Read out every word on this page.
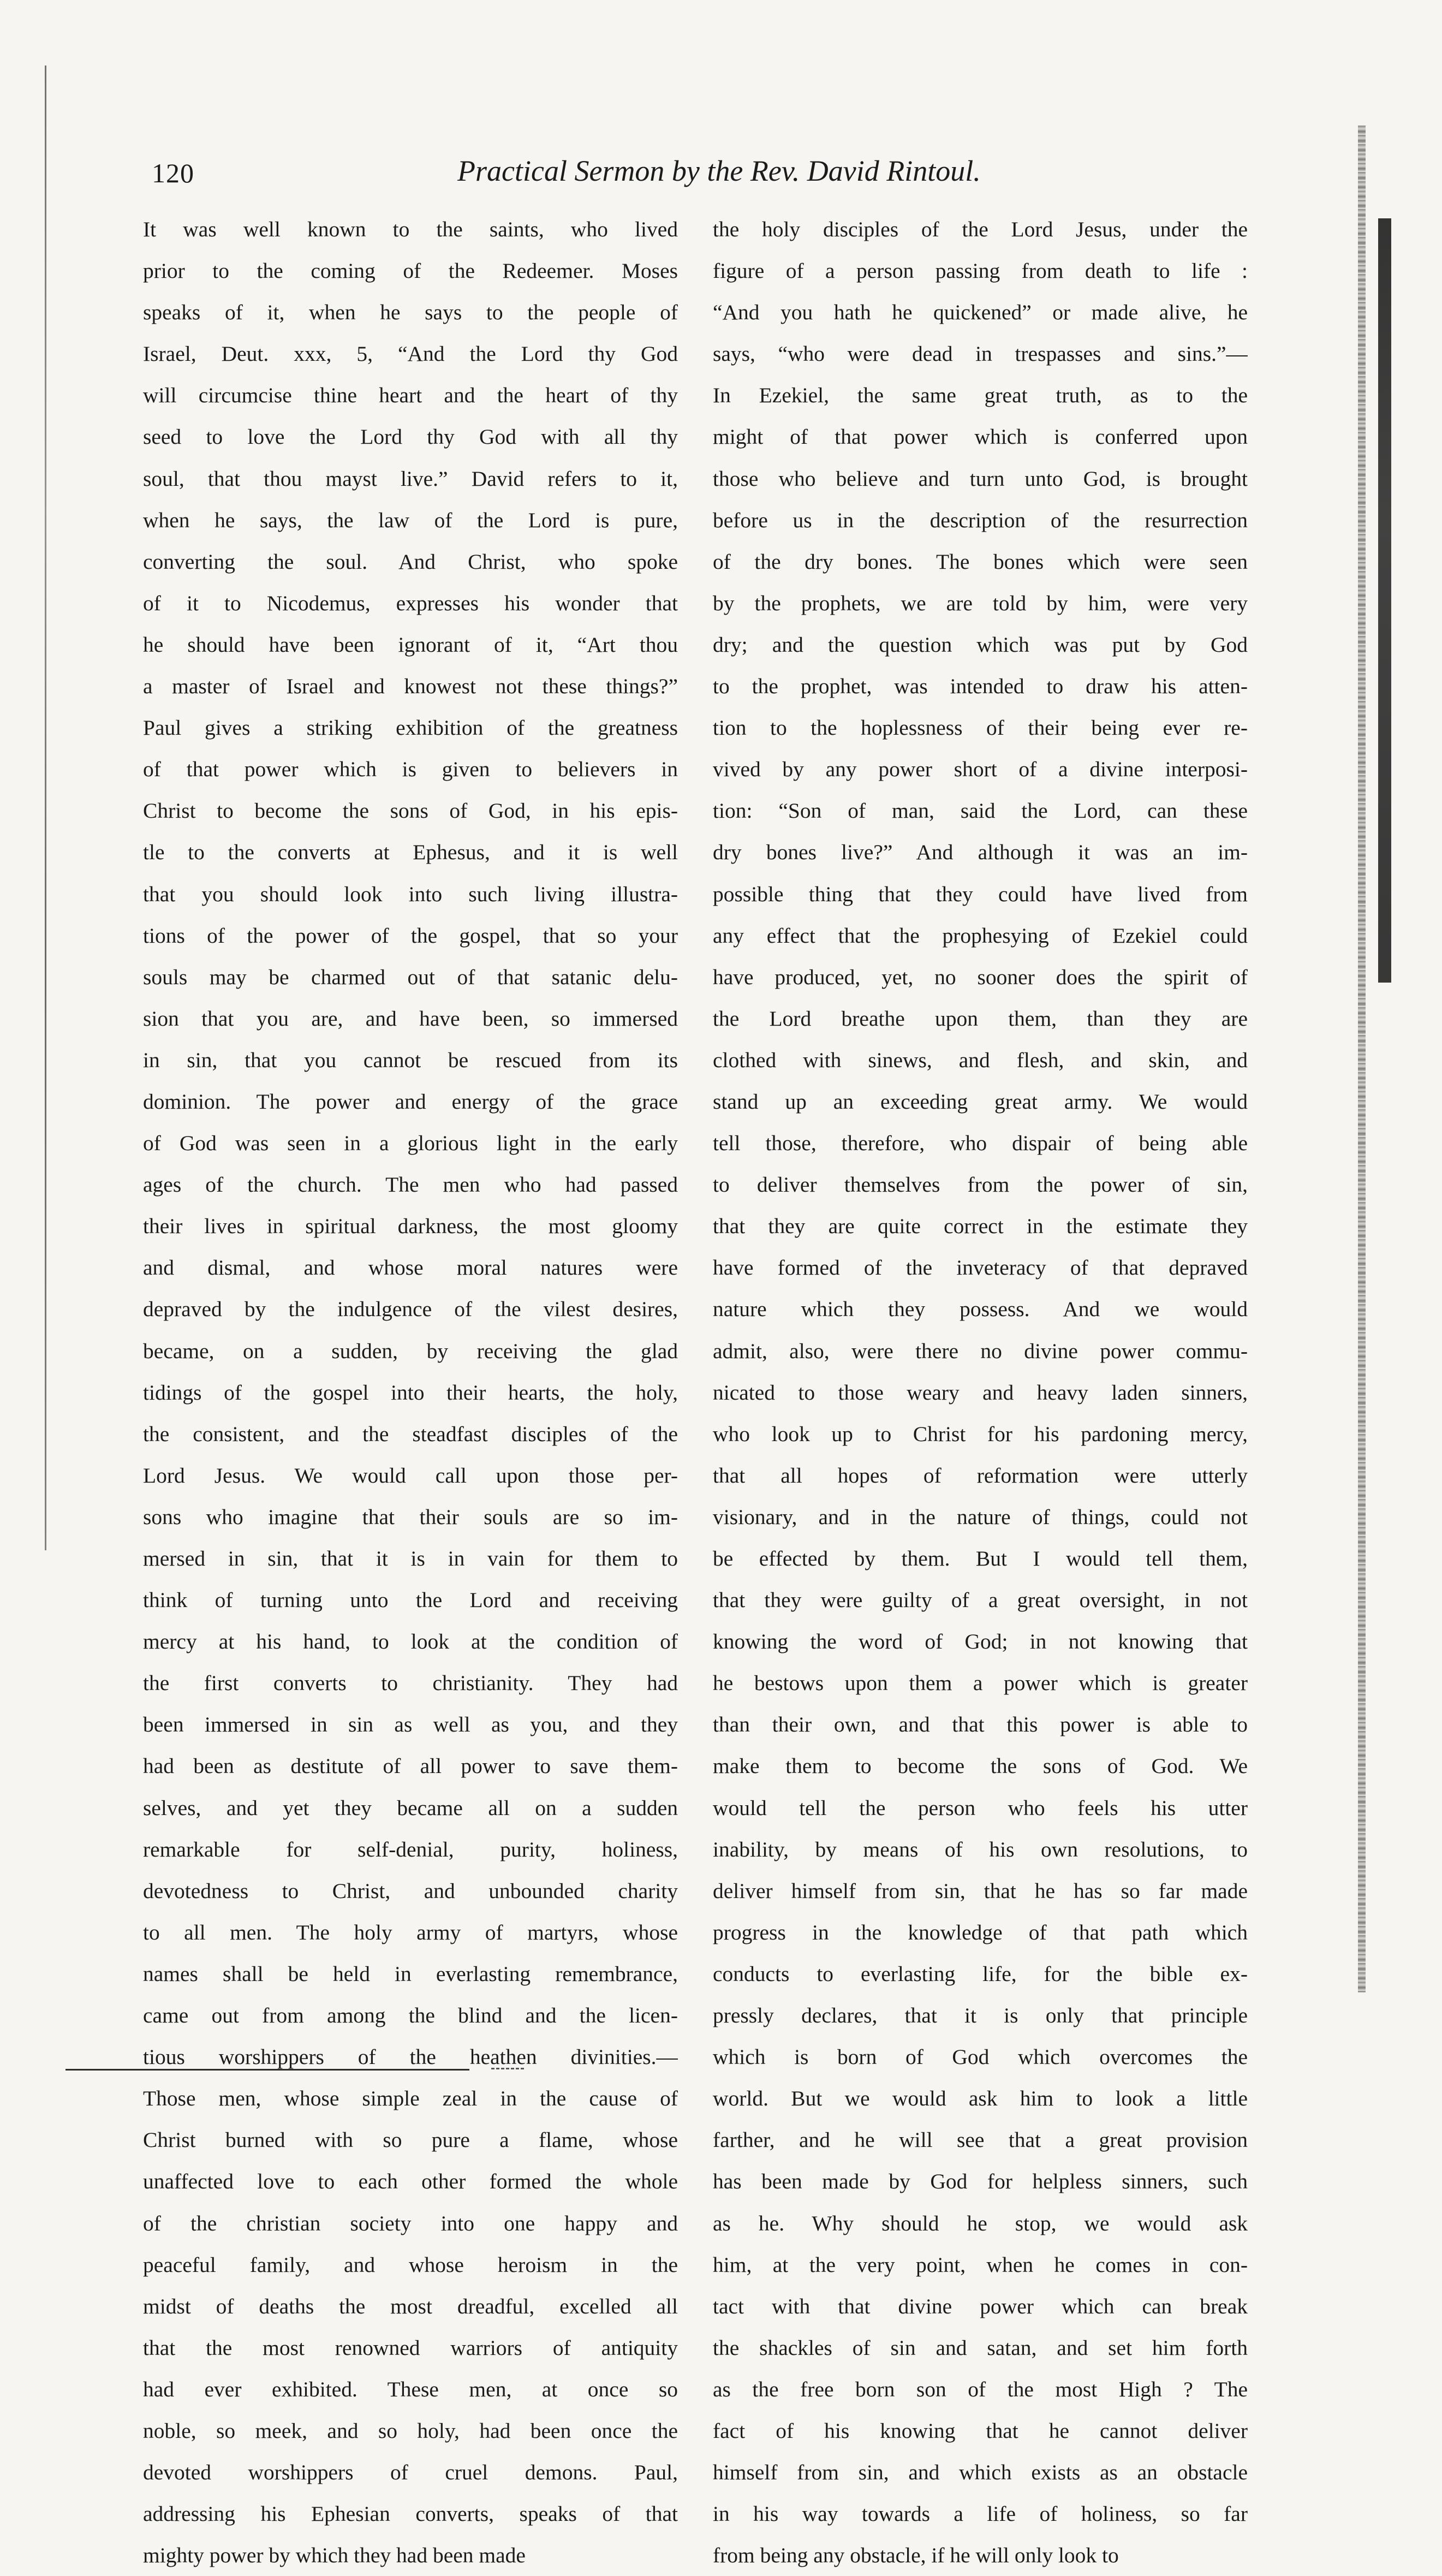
120	Practical Sermon by the Rev. David Rintoul.
It was well known to the saints, who lived
prior to the coming of the Redeemer. Moses
speaks of it, when he says to the people of
Israel, Deut. xxx, 5, “And the Lord thy God
will circumcise thine heart and the heart of thy
seed to love the Lord thy God with all thy
soul, that thou mayst live.” David refers to it,
when he says, the law of the Lord is pure,
converting the soul. And Christ, who spoke
of it to Nicodemus, expresses his wonder that
he should have been ignorant of it, “Art thou
a master of Israel and knowest not these things?”
Paul gives a striking exhibition of the greatness
of that power which is given to believers in
Christ to become the sons of God, in his epis-
tle to the converts at Ephesus, and it is well
that you should look into such living illustra-
tions of the power of the gospel, that so your
souls may be charmed out of that satanic delu-
sion that you are, and have been, so immersed
in sin, that you cannot be rescued from its
dominion. The power and energy of the grace
of God was seen in a glorious light in the early
ages of the church. The men who had passed
their lives in spiritual darkness, the most gloomy
and dismal, and whose moral natures were
depraved by the indulgence of the vilest desires,
became, on a sudden, by receiving the glad
tidings of the gospel into their hearts, the holy,
the consistent, and the steadfast disciples of the
Lord Jesus. We would call upon those per-
sons who imagine that their souls are so im-
mersed in sin, that it is in vain for them to
think of turning unto the Lord and receiving
mercy at his hand, to look at the condition of
the first converts to christianity. They had
been immersed in sin as well as you, and they
had been as destitute of all power to save them-
selves, and yet they became all on a sudden
remarkable for self-denial, purity, holiness,
devotedness to Christ, and unbounded charity
to all men. The holy army of martyrs, whose
names shall be held in everlasting remembrance,
came out from among the blind and the licen-
tious worshippers of the heathen divinities.—
Those men, whose simple zeal in the cause of
Christ burned with so pure a flame, whose
unaffected love to each other formed the whole
of the christian society into one happy and
peaceful family, and whose heroism in the
midst of deaths the most dreadful, excelled all
that the most renowned warriors of antiquity
had ever exhibited. These men, at once so
noble, so meek, and so holy, had been once the
devoted worshippers of cruel demons. Paul,
addressing his Ephesian converts, speaks of that
mighty power by which they had been made
the holy disciples of the Lord Jesus, under the
figure of a person passing from death to life :
“And you hath he quickened” or made alive, he
says, “who were dead in trespasses and sins.”—
In Ezekiel, the same great truth, as to the
might of that power which is conferred upon
those who believe and turn unto God, is brought
before us in the description of the resurrection
of the dry bones. The bones which were seen
by the prophets, we are told by him, were very
dry; and the question which was put by God
to the prophet, was intended to draw his atten-
tion to the hoplessness of their being ever re-
vived by any power short of a divine interposi-
tion: “Son of man, said the Lord, can these
dry bones live?” And although it was an im-
possible thing that they could have lived from
any effect that the prophesying of Ezekiel could
have produced, yet, no sooner does the spirit of
the Lord breathe upon them, than they are
clothed with sinews, and flesh, and skin, and
stand up an exceeding great army. We would
tell those, therefore, who dispair of being able
to deliver themselves from the power of sin,
that they are quite correct in the estimate they
have formed of the inveteracy of that depraved
nature which they possess. And we would
admit, also, were there no divine power commu-
nicated to those weary and heavy laden sinners,
who look up to Christ for his pardoning mercy,
that all hopes of reformation were utterly
visionary, and in the nature of things, could not
be effected by them. But I would tell them,
that they were guilty of a great oversight, in not
knowing the word of God; in not knowing that
he bestows upon them a power which is greater
than their own, and that this power is able to
make them to become the sons of God. We
would tell the person who feels his utter
inability, by means of his own resolutions, to
deliver himself from sin, that he has so far made
progress in the knowledge of that path which
conducts to everlasting life, for the bible ex-
pressly declares, that it is only that principle
which is born of God which overcomes the
world. But we would ask him to look a little
farther, and he will see that a great provision
has been made by God for helpless sinners, such
as he. Why should he stop, we would ask
him, at the very point, when he comes in con-
tact with that divine power which can break
the shackles of sin and satan, and set him forth
as the free born son of the most High ? The
fact of his knowing that he cannot deliver
himself from sin, and which exists as an obstacle
in his way towards a life of holiness, so far
from being any obstacle, if he will only look to
